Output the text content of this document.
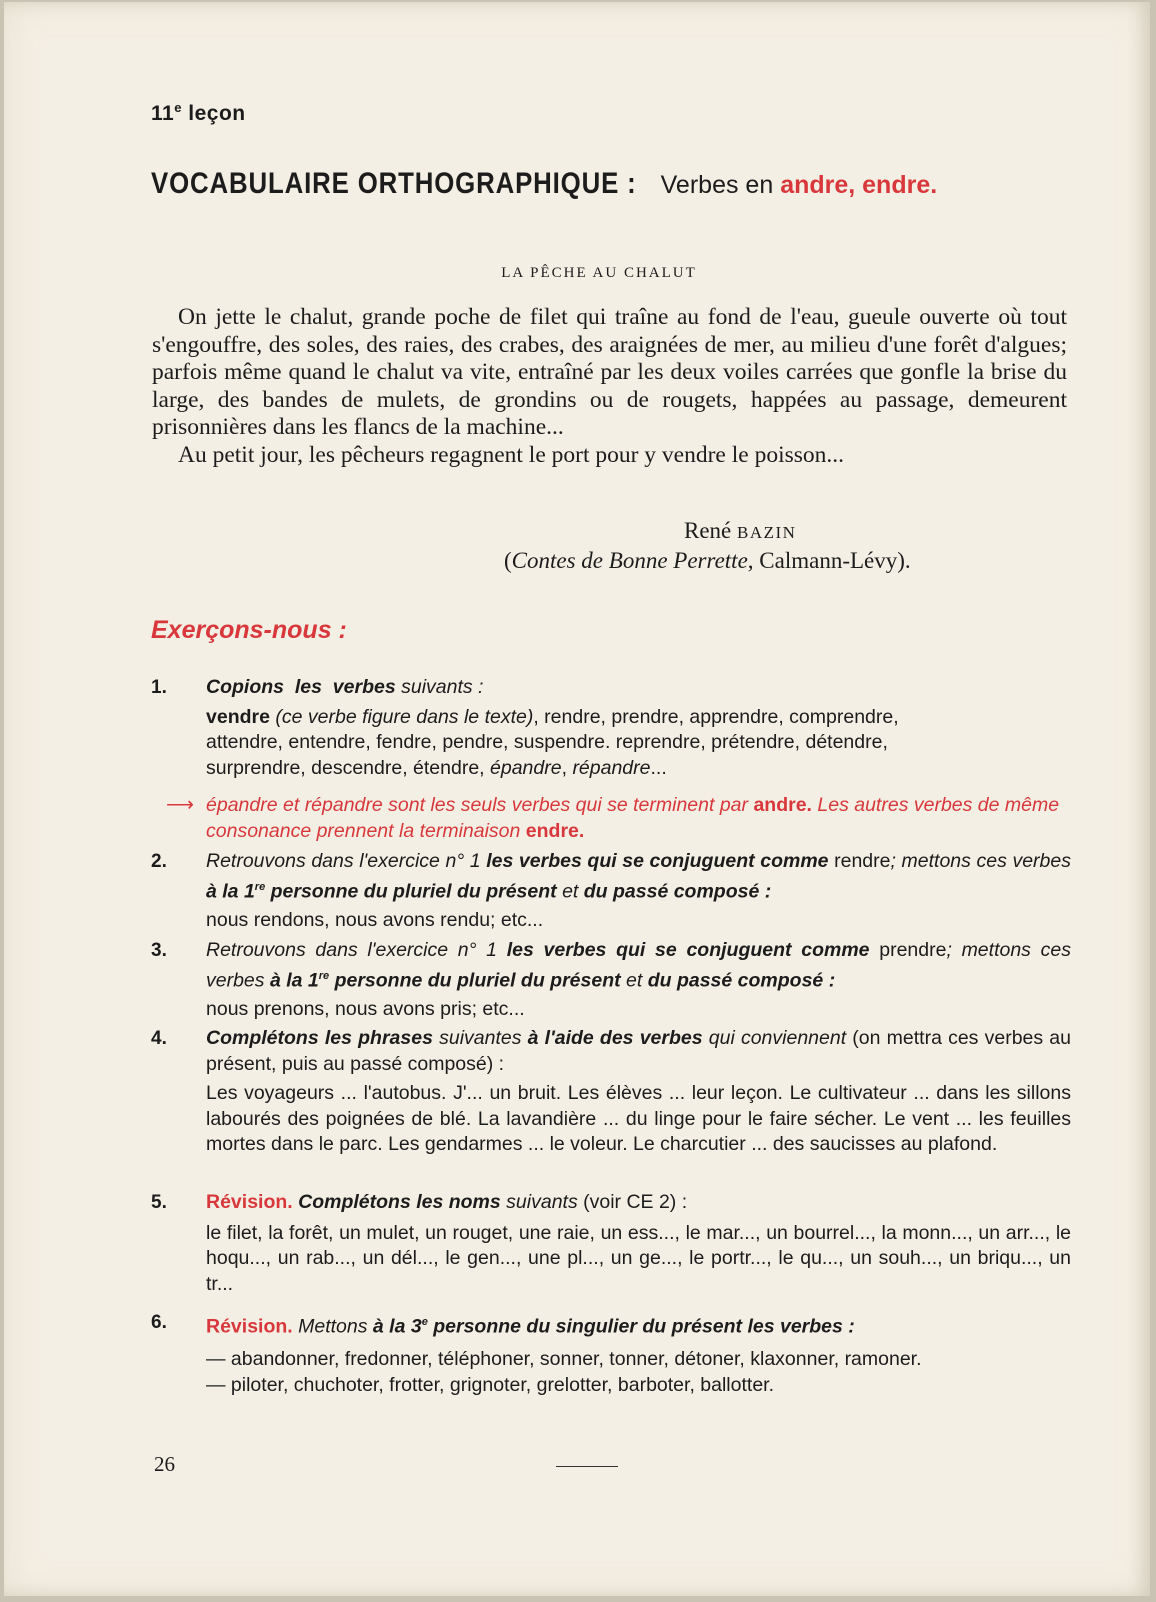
11e leçon
VOCABULAIRE ORTHOGRAPHIQUE : Verbes en andre, endre.
LA PÊCHE AU CHALUT

On jette le chalut, grande poche de filet qui traîne au fond de l'eau, gueule ouverte où tout s'engouffre, des soles, des raies, des crabes, des araignées de mer, au milieu d'une forêt d'algues; parfois même quand le chalut va vite, entraîné par les deux voiles carrées que gonfle la brise du large, des bandes de mulets, de grondins ou de rougets, happées au passage, demeurent prisonnières dans les flancs de la machine...

Au petit jour, les pêcheurs regagnent le port pour y vendre le poisson...

René BAZIN
(Contes de Bonne Perrette, Calmann-Lévy).
Exerçons-nous :
1. Copions les verbes suivants :
vendre (ce verbe figure dans le texte), rendre, prendre, apprendre, comprendre,
attendre, entendre, fendre, pendre, suspendre. reprendre, prétendre, détendre,
surprendre, descendre, étendre, épandre, répandre...
⟶ épandre et répandre sont les seuls verbes qui se terminent par andre. Les autres verbes de même consonance prennent la terminaison endre.
2. Retrouvons dans l'exercice n° 1 les verbes qui se conjuguent comme rendre; mettons ces verbes à la 1re personne du pluriel du présent et du passé composé :
nous rendons, nous avons rendu; etc...
3. Retrouvons dans l'exercice n° 1 les verbes qui se conjuguent comme prendre; mettons ces verbes à la 1re personne du pluriel du présent et du passé composé :
nous prenons, nous avons pris; etc...
4. Complétons les phrases suivantes à l'aide des verbes qui conviennent (on mettra ces verbes au présent, puis au passé composé) :
Les voyageurs ... l'autobus. J'... un bruit. Les élèves ... leur leçon. Le cultivateur ... dans les sillons labourés des poignées de blé. La lavandière ... du linge pour le faire sécher. Le vent ... les feuilles mortes dans le parc. Les gendarmes ... le voleur. Le charcutier ... des saucisses au plafond.
5. Révision. Complétons les noms suivants (voir CE 2) :
le filet, la forêt, un mulet, un rouget, une raie, un ess..., le mar..., un bourrel..., la monn..., un arr..., le hoqu..., un rab..., un dél..., le gen..., une pl..., un ge..., le portr..., le qu..., un souh..., un briqu..., un tr...
6. Révision. Mettons à la 3e personne du singulier du présent les verbes :
— abandonner, fredonner, téléphoner, sonner, tonner, détoner, klaxonner, ramoner.
— piloter, chuchoter, frotter, grignoter, grelotter, barboter, ballotter.
26
